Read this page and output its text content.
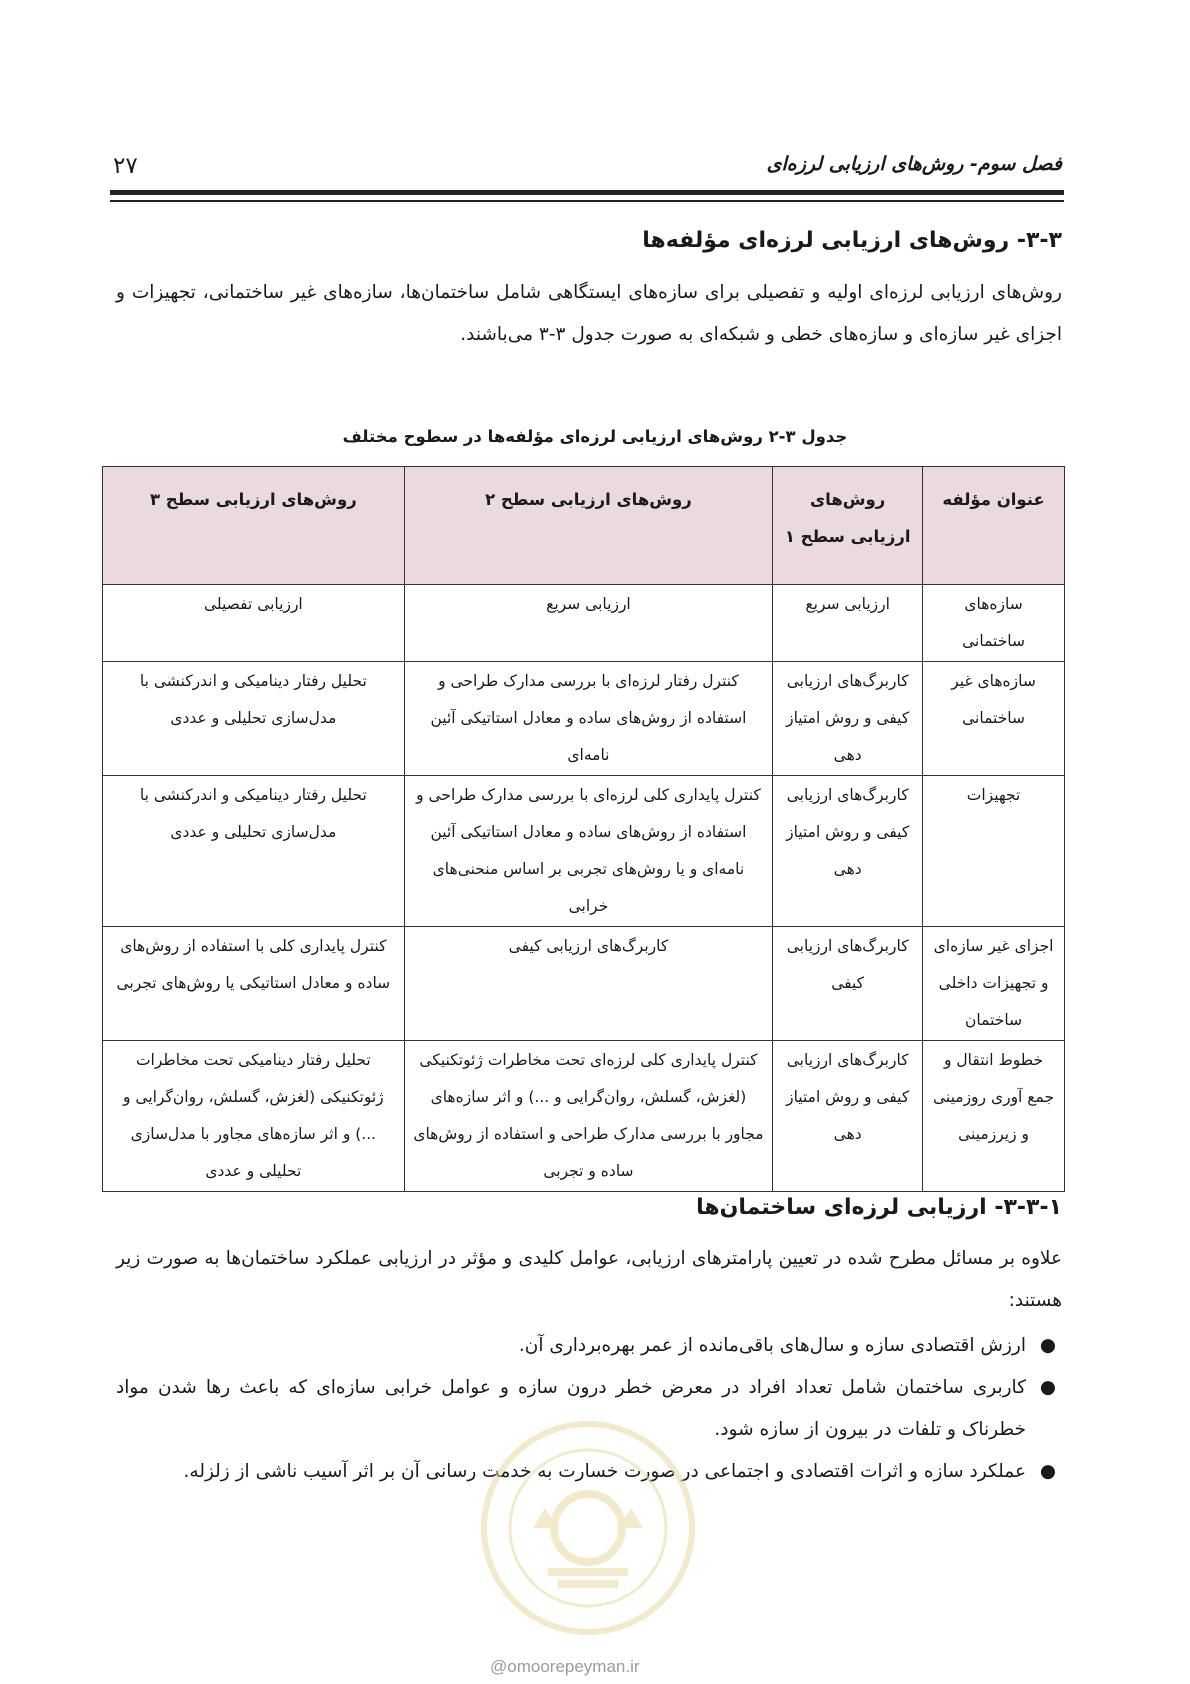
۲۷	فصل سوم- روش‌های ارزیابی لرزه‌ای
۳-۳- روش‌های ارزیابی لرزه‌ای مؤلفه‌ها

روش‌های ارزیابی لرزه‌ای اولیه و تفصیلی برای سازه‌های ایستگاهی شامل ساختمان‌ها، سازه‌های غیر ساختمانی، تجهیزات و اجزای غیر سازه‌ای و سازه‌های خطی و شبکه‌ای به صورت جدول ۳-۳ می‌باشند.

جدول ۳-۲ روش‌های ارزیابی لرزه‌ای مؤلفه‌ها در سطوح مختلف
عنوان مؤلفه	روش‌های ارزیابی سطح ۱	روش‌های ارزیابی سطح ۲	روش‌های ارزیابی سطح ۳
سازه‌های ساختمانی	ارزیابی سریع	ارزیابی سریع	ارزیابی تفصیلی
سازه‌های غیر ساختمانی	کاربرگ‌های ارزیابی کیفی و روش امتیاز دهی	کنترل رفتار لرزه‌ای با بررسی مدارک طراحی و استفاده از روش‌های ساده و معادل استاتیکی آئین نامه‌ای	تحلیل رفتار دینامیکی و اندرکنشی با مدل‌سازی تحلیلی و عددی
تجهیزات	کاربرگ‌های ارزیابی کیفی و روش امتیاز دهی	کنترل پایداری کلی لرزه‌ای با بررسی مدارک طراحی و استفاده از روش‌های ساده و معادل استاتیکی آئین نامه‌ای و یا روش‌های تجربی بر اساس منحنی‌های خرابی	تحلیل رفتار دینامیکی و اندرکنشی با مدل‌سازی تحلیلی و عددی
اجزای غیر سازه‌ای و تجهیزات داخلی ساختمان	کاربرگ‌های ارزیابی کیفی	کاربرگ‌های ارزیابی کیفی	کنترل پایداری کلی با استفاده از روش‌های ساده و معادل استاتیکی یا روش‌های تجربی
خطوط انتقال و جمع آوری روزمینی و زیرزمینی	کاربرگ‌های ارزیابی کیفی و روش امتیاز دهی	کنترل پایداری کلی لرزه‌ای تحت مخاطرات ژئوتکنیکی (لغزش، گسلش، روان‌گرایی و ...) و اثر سازه‌های مجاور با بررسی مدارک طراحی و استفاده از روش‌های ساده و تجربی	تحلیل رفتار دینامیکی تحت مخاطرات ژئوتکنیکی (لغزش، گسلش، روان‌گرایی و ...) و اثر سازه‌های مجاور با مدل‌سازی تحلیلی و عددی
۳-۳-۱- ارزیابی لرزه‌ای ساختمان‌ها

علاوه بر مسائل مطرح شده در تعیین پارامترهای ارزیابی، عوامل کلیدی و مؤثر در ارزیابی عملکرد ساختمان‌ها به صورت زیر هستند:

●
ارزش اقتصادی سازه و سال‌های باقی‌مانده از عمر بهره‌برداری آن.
●
کاربری ساختمان شامل تعداد افراد در معرض خطر درون سازه و عوامل خرابی سازه‌ای که باعث رها شدن مواد خطرناک و تلفات در بیرون از سازه شود.
●
عملکرد سازه و اثرات اقتصادی و اجتماعی در صورت خسارت به خدمت رسانی آن بر اثر آسیب ناشی از زلزله.
@omoorepeyman.ir
